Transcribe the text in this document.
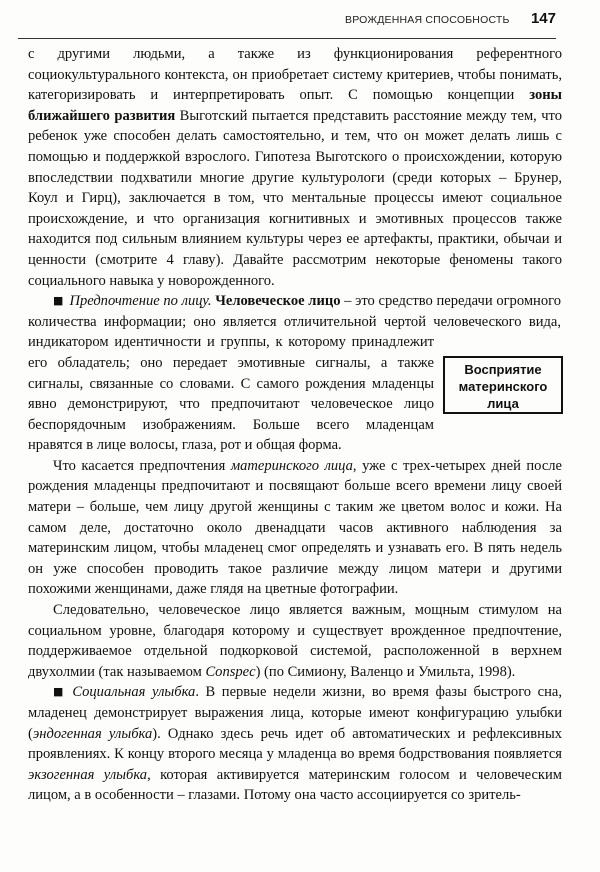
ВРОЖДЕННАЯ СПОСОБНОСТЬ 147

с другими людьми, а также из функционирования референтного социокультурального контекста, он приобретает систему критериев, чтобы понимать, категоризировать и интерпретировать опыт. С помощью концепции зоны ближайшего развития Выготский пытается представить расстояние между тем, что ребенок уже способен делать самостоятельно, и тем, что он может делать лишь с помощью и поддержкой взрослого. Гипотеза Выготского о происхождении, которую впоследствии подхватили многие другие культурологи (среди которых – Брунер, Коул и Гирц), заключается в том, что ментальные процессы имеют социальное происхождение, и что организация когнитивных и эмотивных процессов также находится под сильным влиянием культуры через ее артефакты, практики, обычаи и ценности (смотрите 4 главу). Давайте рассмотрим некоторые феномены такого социального навыка у новорожденного.

■ Предпочтение по лицу. Человеческое лицо – это средство передачи огромного количества информации; оно является отличительной чертой человеческого вида, индикатором идентичности и группы, к которому принадлежит его обладатель; оно передает эмотивные сигналы, а также сигналы, связанные со словами. С самого рождения младенцы явно демонстрируют, что предпочитают человеческое лицо беспорядочным изображениям. Больше всего младенцам нравятся в лице волосы, глаза, рот и общая форма.

Что касается предпочтения материнского лица, уже с трех-четырех дней после рождения младенцы предпочитают и посвящают больше всего времени лицу своей матери – больше, чем лицу другой женщины с таким же цветом волос и кожи. На самом деле, достаточно около двенадцати часов активного наблюдения за материнским лицом, чтобы младенец смог определять и узнавать его. В пять недель он уже способен проводить такое различие между лицом матери и другими похожими женщинами, даже глядя на цветные фотографии.

Следовательно, человеческое лицо является важным, мощным стимулом на социальном уровне, благодаря которому и существует врожденное предпочтение, поддерживаемое отдельной подкорковой системой, расположенной в верхнем двухолмии (так называемом Conspec) (по Симиону, Валенцо и Умильта, 1998).

■ Социальная улыбка. В первые недели жизни, во время фазы быстрого сна, младенец демонстрирует выражения лица, которые имеют конфигурацию улыбки (эндогенная улыбка). Однако здесь речь идет об автоматических и рефлексивных проявлениях. К концу второго месяца у младенца во время бодрствования появляется экзогенная улыбка, которая активируется материнским голосом и человеческим лицом, а в особенности – глазами. Потому она часто ассоциируется со зритель-

Восприятие
материнского
лица
